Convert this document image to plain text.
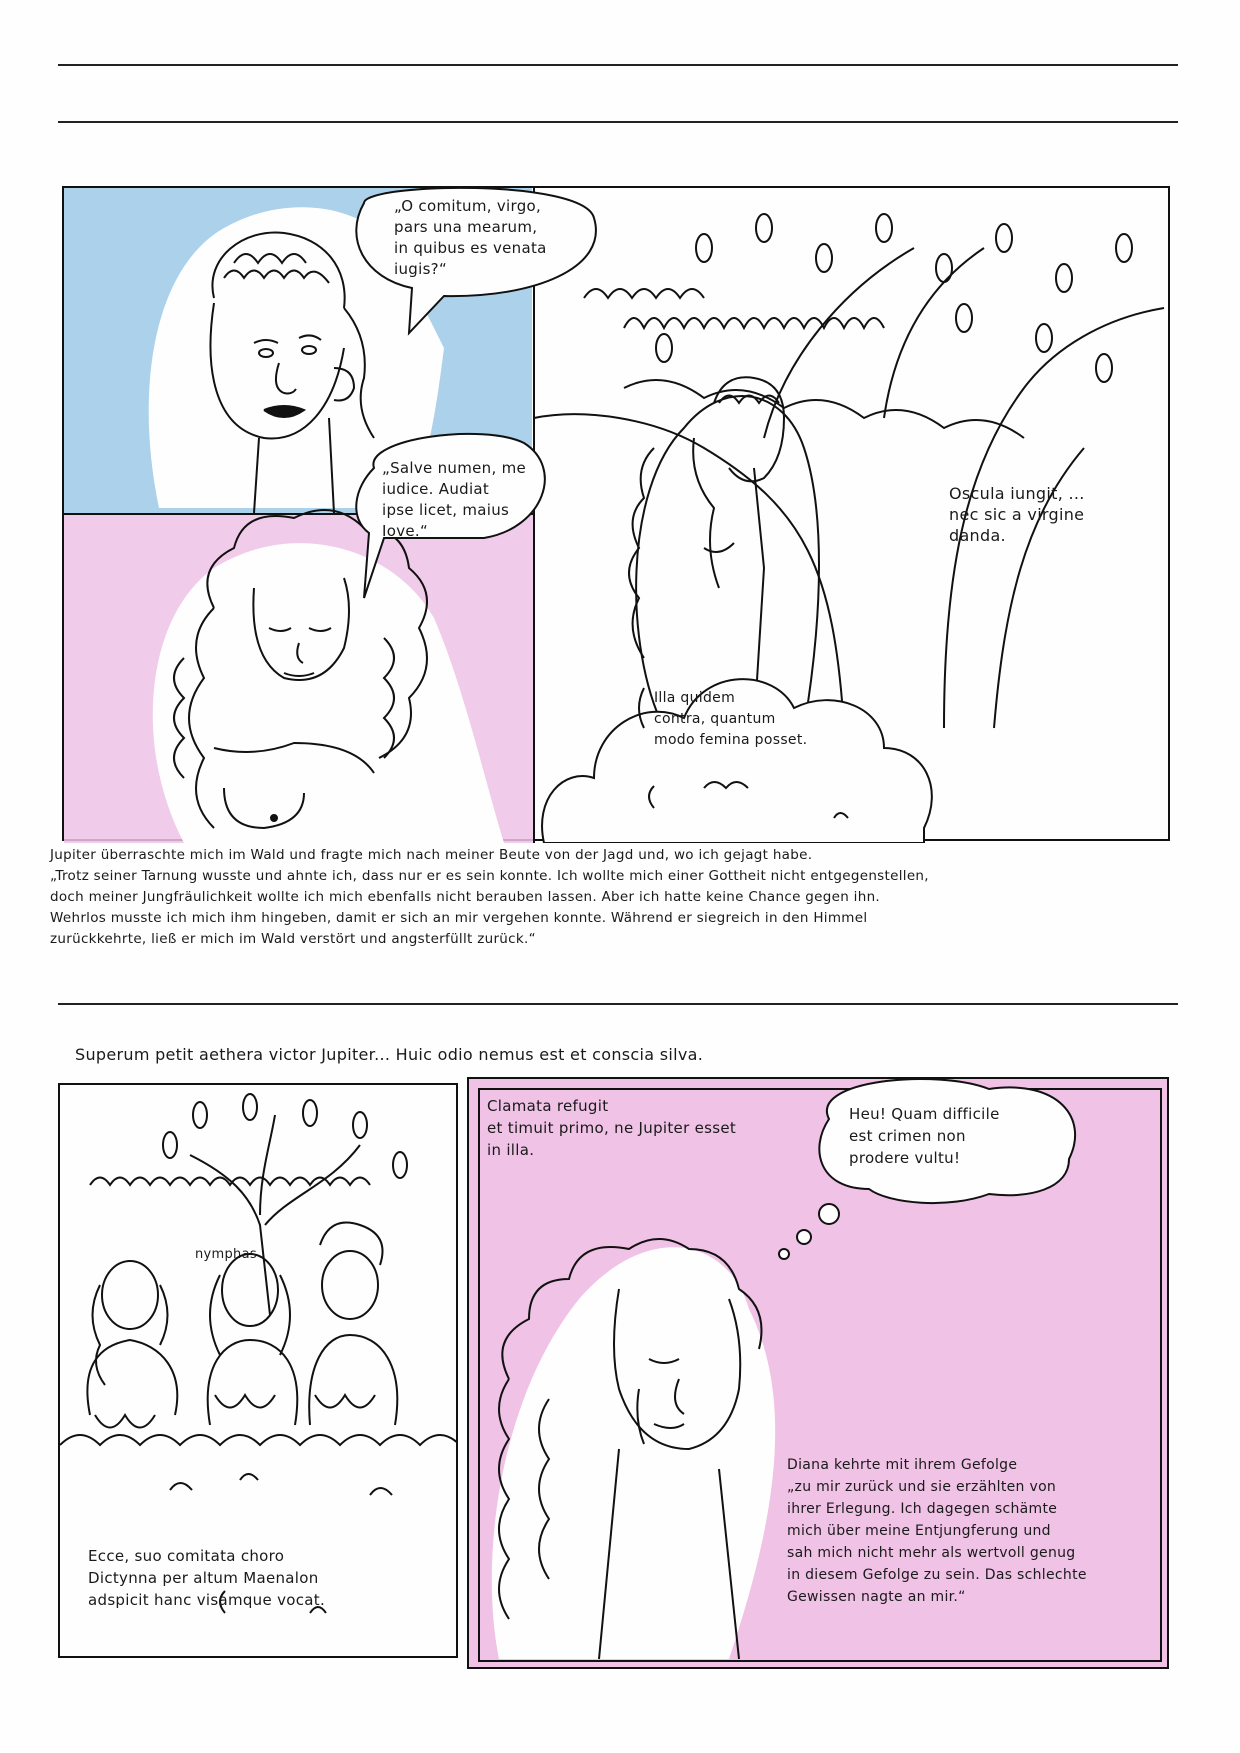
„O comitum, virgo,
pars una mearum,
in quibus es venata
iugis?“
„Salve numen, me
iudice. Audiat
ipse licet, maius
Iove.“
Oscula iungit, ...
nec sic a virgine
danda.
Illa quidem
contra, quantum
modo femina posset.
Jupiter überraschte mich im Wald und fragte mich nach meiner Beute von der Jagd und, wo ich gejagt habe.
„Trotz seiner Tarnung wusste und ahnte ich, dass nur er es sein konnte. Ich wollte mich einer Gottheit nicht entgegenstellen,
doch meiner Jungfräulichkeit wollte ich mich ebenfalls nicht berauben lassen. Aber ich hatte keine Chance gegen ihn.
Wehrlos musste ich mich ihm hingeben, damit er sich an mir vergehen konnte. Während er siegreich in den Himmel
zurückkehrte, ließ er mich im Wald verstört und angsterfüllt zurück.“
Superum petit aethera victor Jupiter... Huic odio nemus est et conscia silva.
nymphas
Ecce, suo comitata choro
Dictynna per altum Maenalon
adspicit hanc visamque vocat.
Clamata refugit
et timuit primo, ne Jupiter esset
in illa.
Heu! Quam difficile
est crimen non
prodere vultu!
Diana kehrte mit ihrem Gefolge
„zu mir zurück und sie erzählten von
ihrer Erlegung. Ich dagegen schämte
mich über meine Entjungferung und
sah mich nicht mehr als wertvoll genug
in diesem Gefolge zu sein. Das schlechte
Gewissen nagte an mir.“
